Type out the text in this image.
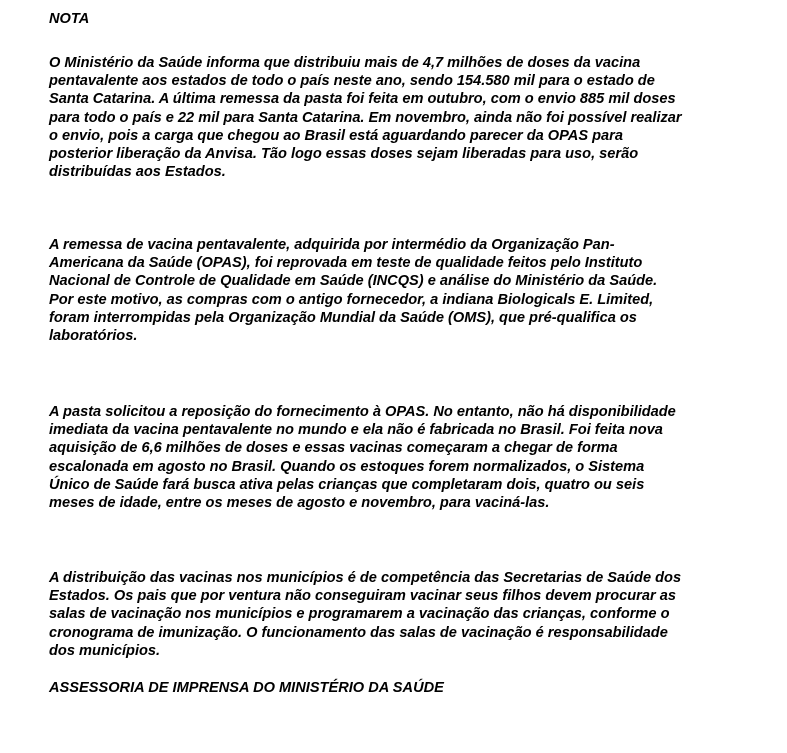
NOTA
O Ministério da Saúde informa que distribuiu mais de 4,7 milhões de doses da vacina
pentavalente aos estados de todo o país neste ano, sendo 154.580 mil para o estado de
Santa Catarina. A última remessa da pasta foi feita em outubro, com o envio 885 mil doses
para todo o país e 22 mil para Santa Catarina. Em novembro, ainda não foi possível realizar
o envio, pois a carga que chegou ao Brasil está aguardando parecer da OPAS para
posterior liberação da Anvisa. Tão logo essas doses sejam liberadas para uso, serão
distribuídas aos Estados.
A remessa de vacina pentavalente, adquirida por intermédio da Organização Pan-
Americana da Saúde (OPAS), foi reprovada em teste de qualidade feitos pelo Instituto
Nacional de Controle de Qualidade em Saúde (INCQS) e análise do Ministério da Saúde.
Por este motivo, as compras com o antigo fornecedor, a indiana Biologicals E. Limited,
foram interrompidas pela Organização Mundial da Saúde (OMS), que pré-qualifica os
laboratórios.
A pasta solicitou a reposição do fornecimento à OPAS. No entanto, não há disponibilidade
imediata da vacina pentavalente no mundo e ela não é fabricada no Brasil. Foi feita nova
aquisição de 6,6 milhões de doses e essas vacinas começaram a chegar de forma
escalonada em agosto no Brasil. Quando os estoques forem normalizados, o Sistema
Único de Saúde fará busca ativa pelas crianças que completaram dois, quatro ou seis
meses de idade, entre os meses de agosto e novembro, para vaciná-las.
A distribuição das vacinas nos municípios é de competência das Secretarias de Saúde dos
Estados. Os pais que por ventura não conseguiram vacinar seus filhos devem procurar as
salas de vacinação nos municípios e programarem a vacinação das crianças, conforme o
cronograma de imunização. O funcionamento das salas de vacinação é responsabilidade
dos municípios.
ASSESSORIA DE IMPRENSA DO MINISTÉRIO DA SAÚDE
